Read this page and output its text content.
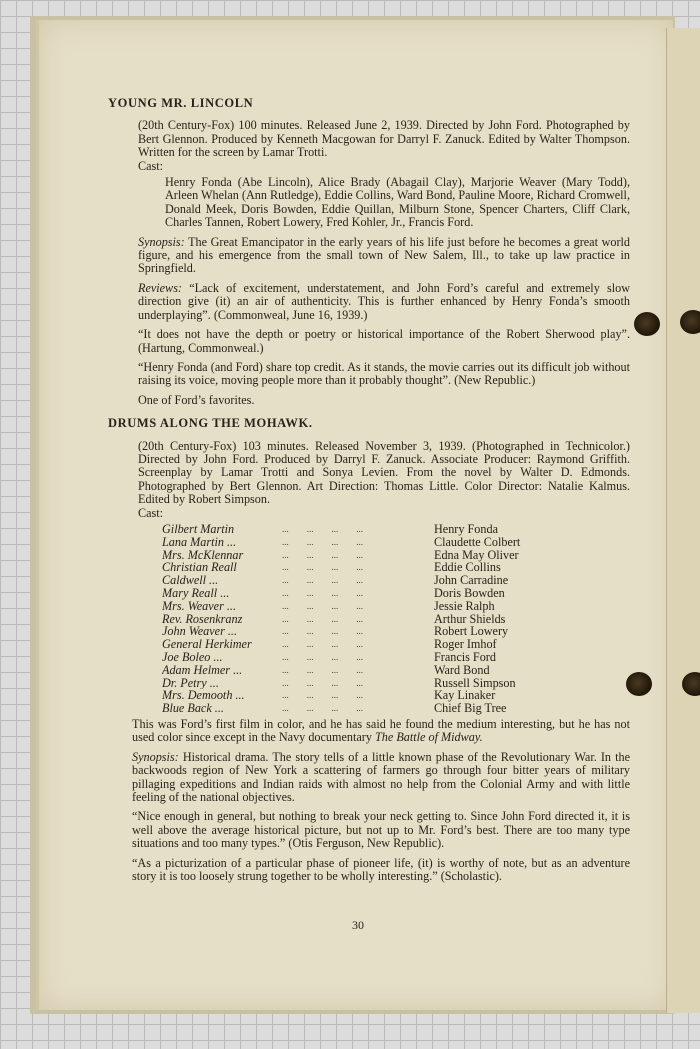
YOUNG MR. LINCOLN
(20th Century-Fox) 100 minutes. Released June 2, 1939. Directed by John Ford. Photographed by Bert Glennon. Produced by Kenneth Macgowan for Darryl F. Zanuck. Edited by Walter Thompson. Written for the screen by Lamar Trotti.
Cast:
Henry Fonda (Abe Lincoln), Alice Brady (Abagail Clay), Marjorie Weaver (Mary Todd), Arleen Whelan (Ann Rutledge), Eddie Collins, Ward Bond, Pauline Moore, Richard Cromwell, Donald Meek, Doris Bowden, Eddie Quillan, Milburn Stone, Spencer Charters, Cliff Clark, Charles Tannen, Robert Lowery, Fred Kohler, Jr., Francis Ford.
Synopsis: The Great Emancipator in the early years of his life just before he becomes a great world figure, and his emergence from the small town of New Salem, Ill., to take up law practice in Springfield.
Reviews: “Lack of excitement, understatement, and John Ford’s careful and extremely slow direction give (it) an air of authenticity. This is further enhanced by Henry Fonda’s smooth underplaying”. (Commonweal, June 16, 1939.)
“It does not have the depth or poetry or historical importance of the Robert Sherwood play”. (Hartung, Commonweal.)
“Henry Fonda (and Ford) share top credit. As it stands, the movie carries out its difficult job without raising its voice, moving people more than it probably thought”. (New Republic.)
One of Ford’s favorites.
DRUMS ALONG THE MOHAWK.
(20th Century-Fox) 103 minutes. Released November 3, 1939. (Photographed in Technicolor.) Directed by John Ford. Produced by Darryl F. Zanuck. Associate Producer: Raymond Griffith. Screenplay by Lamar Trotti and Sonya Levien. From the novel by Walter D. Edmonds. Photographed by Bert Glennon. Art Direction: Thomas Little. Color Director: Natalie Kalmus. Edited by Robert Simpson.
Cast:
Gilbert Martin	...        ...        ...        ...	Henry Fonda
Lana Martin ...	...        ...        ...        ...	Claudette Colbert
Mrs. McKlennar	...        ...        ...        ...	Edna May Oliver
Christian Reall	...        ...        ...        ...	Eddie Collins
Caldwell ...	...        ...        ...        ...	John Carradine
Mary Reall ...	...        ...        ...        ...	Doris Bowden
Mrs. Weaver ...	...        ...        ...        ...	Jessie Ralph
Rev. Rosenkranz	...        ...        ...        ...	Arthur Shields
John Weaver ...	...        ...        ...        ...	Robert Lowery
General Herkimer	...        ...        ...        ...	Roger Imhof
Joe Boleo ...	...        ...        ...        ...	Francis Ford
Adam Helmer ...	...        ...        ...        ...	Ward Bond
Dr. Petry ...	...        ...        ...        ...	Russell Simpson
Mrs. Demooth ...	...        ...        ...        ...	Kay Linaker
Blue Back ...	...        ...        ...        ...	Chief Big Tree
This was Ford’s first film in color, and he has said he found the medium interesting, but he has not used color since except in the Navy documentary The Battle of Midway.
Synopsis: Historical drama. The story tells of a little known phase of the Revolutionary War. In the backwoods region of New York a scattering of farmers go through four bitter years of military pillaging expeditions and Indian raids with almost no help from the Colonial Army and with little feeling of the national objectives.
“Nice enough in general, but nothing to break your neck getting to. Since John Ford directed it, it is well above the average historical picture, but not up to Mr. Ford’s best. There are too many type situations and too many types.” (Otis Ferguson, New Republic).
“As a picturization of a particular phase of pioneer life, (it) is worthy of note, but as an adventure story it is too loosely strung together to be wholly interesting.” (Scholastic).
30
